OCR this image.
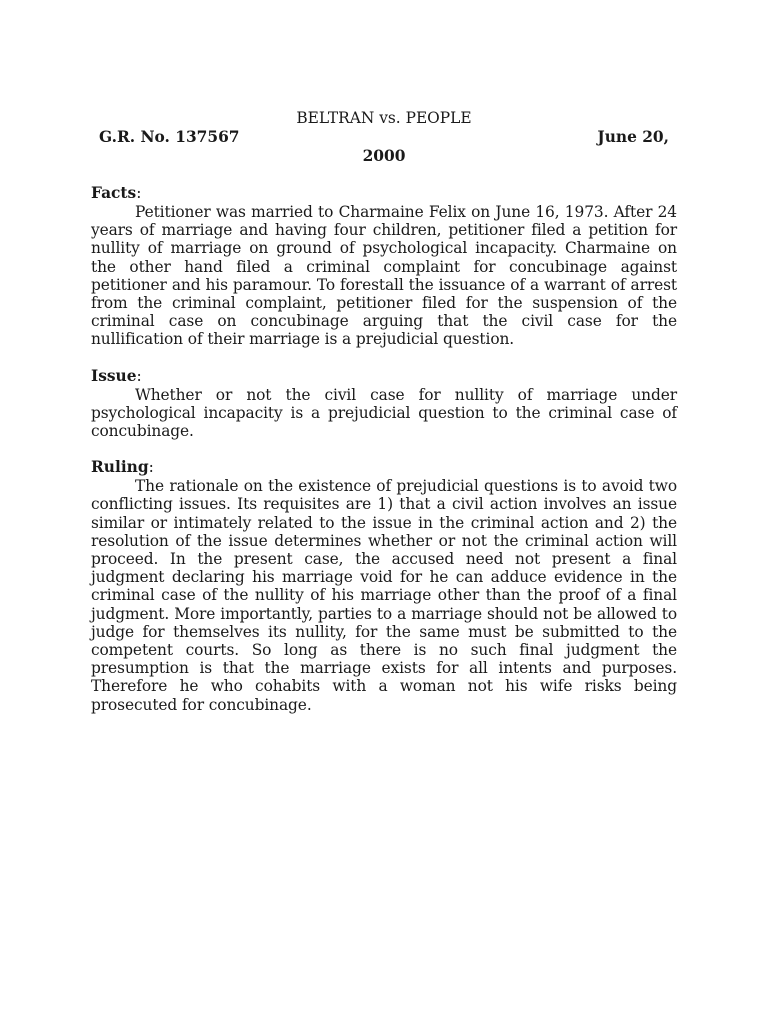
BELTRAN vs. PEOPLE

G.R. No. 137567	June 20,

2000

Facts:

Petitioner was married to Charmaine Felix on June 16, 1973. After 24 years of marriage and having four children, petitioner filed a petition for nullity of marriage on ground of psychological incapacity. Charmaine on the other hand filed a criminal complaint for concubinage against petitioner and his paramour. To forestall the issuance of a warrant of arrest from the criminal complaint, petitioner filed for the suspension of the criminal case on concubinage arguing that the civil case for the nullification of their marriage is a prejudicial question.

Issue:

Whether or not the civil case for nullity of marriage under psychological incapacity is a prejudicial question to the criminal case of concubinage.

Ruling:

The rationale on the existence of prejudicial questions is to avoid two conflicting issues. Its requisites are 1) that a civil action involves an issue similar or intimately related to the issue in the criminal action and 2) the resolution of the issue determines whether or not the criminal action will proceed. In the present case, the accused need not present a final judgment declaring his marriage void for he can adduce evidence in the criminal case of the nullity of his marriage other than the proof of a final judgment. More importantly, parties to a marriage should not be allowed to judge for themselves its nullity, for the same must be submitted to the competent courts. So long as there is no such final judgment the presumption is that the marriage exists for all intents and purposes. Therefore he who cohabits with a woman not his wife risks being prosecuted for concubinage.
